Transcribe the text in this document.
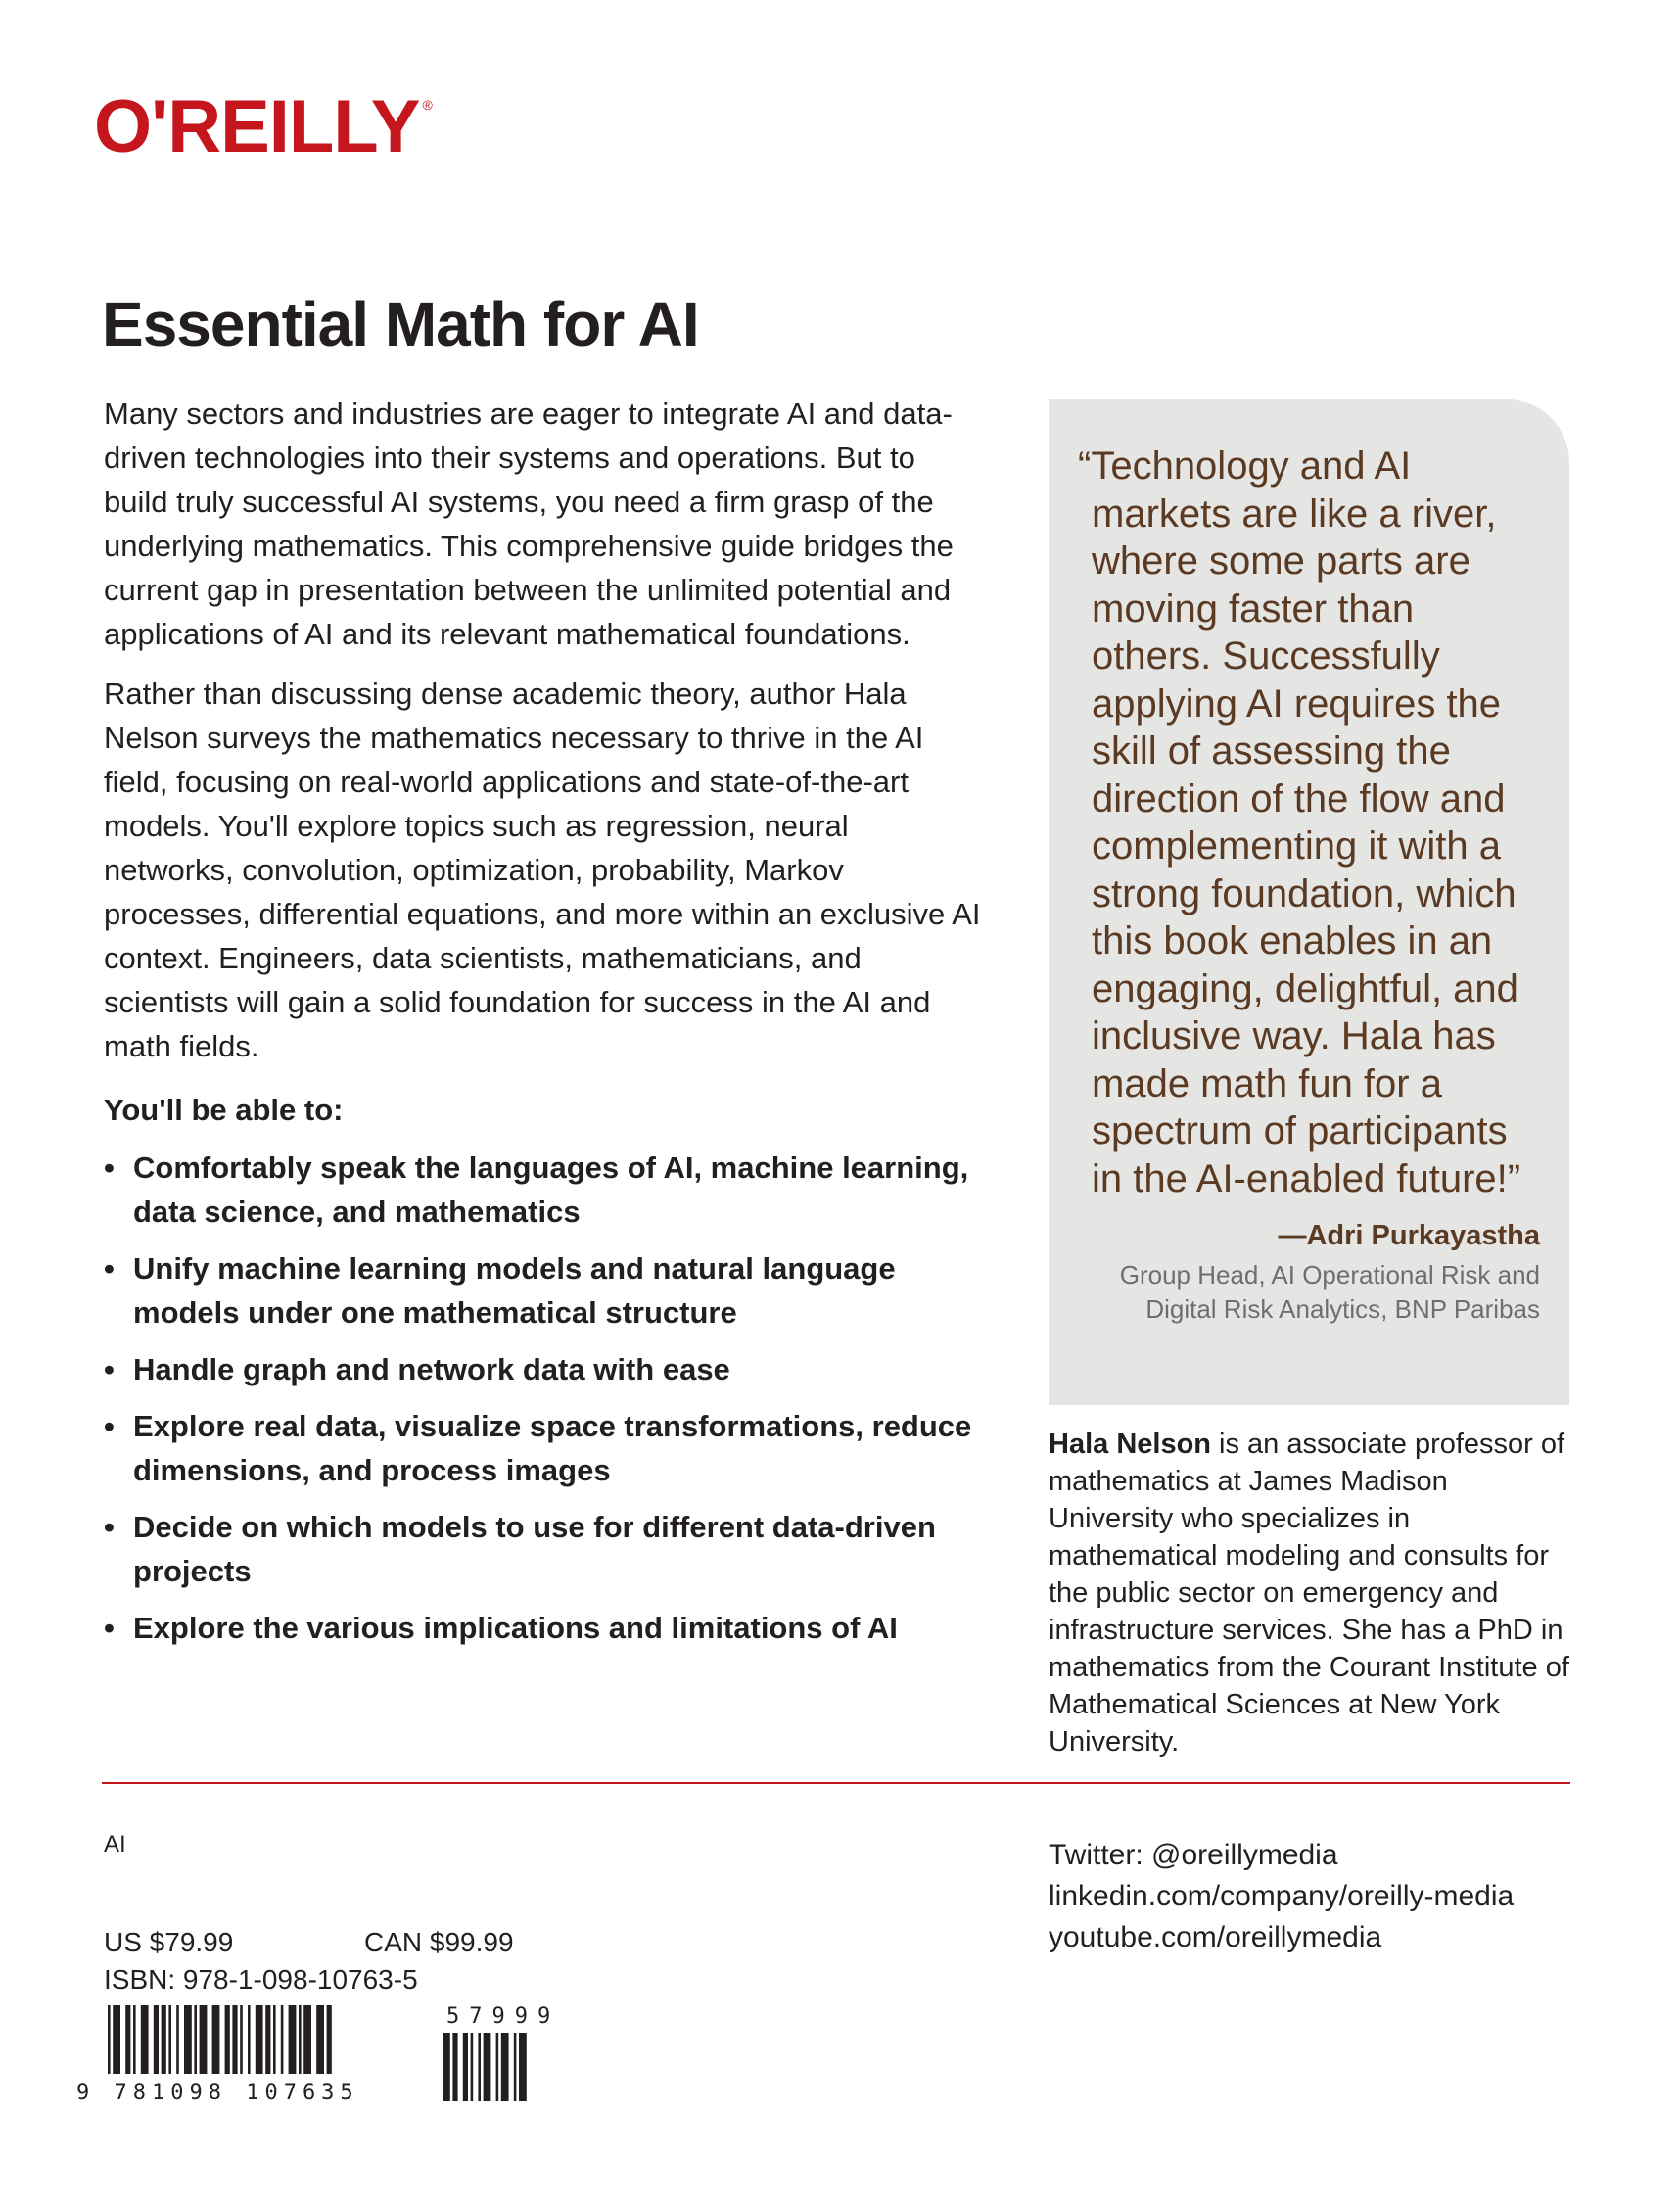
O'REILLY ®
Essential Math for AI

Many sectors and industries are eager to integrate AI and data-driven technologies into their systems and operations. But to build truly successful AI systems, you need a firm grasp of the underlying mathematics. This comprehensive guide bridges the current gap in presentation between the unlimited potential and applications of AI and its relevant mathematical foundations.

Rather than discussing dense academic theory, author Hala Nelson surveys the mathematics necessary to thrive in the AI field, focusing on real-world applications and state-of-the-art models. You'll explore topics such as regression, neural networks, convolution, optimization, probability, Markov processes, differential equations, and more within an exclusive AI context. Engineers, data scientists, mathematicians, and scientists will gain a solid foundation for success in the AI and math fields.

You'll be able to:
• Comfortably speak the languages of AI, machine learning, data science, and mathematics
• Unify machine learning models and natural language models under one mathematical structure
• Handle graph and network data with ease
• Explore real data, visualize space transformations, reduce dimensions, and process images
• Decide on which models to use for different data-driven projects
• Explore the various implications and limitations of AI

“Technology and AI markets are like a river, where some parts are moving faster than others. Successfully applying AI requires the skill of assessing the direction of the flow and complementing it with a strong foundation, which this book enables in an engaging, delightful, and inclusive way. Hala has made math fun for a spectrum of participants in the AI-enabled future!”

—Adri Purkayastha
Group Head, AI Operational Risk and
Digital Risk Analytics, BNP Paribas
Hala Nelson is an associate professor of mathematics at James Madison University who specializes in mathematical modeling and consults for the public sector on emergency and infrastructure services. She has a PhD in mathematics from the Courant Institute of Mathematical Sciences at New York University.
AI
US $79.99	CAN $99.99
ISBN: 978-1-098-10763-5
9 781098 107635
57999
Twitter: @oreillymedia
linkedin.com/company/oreilly-media
youtube.com/oreillymedia
